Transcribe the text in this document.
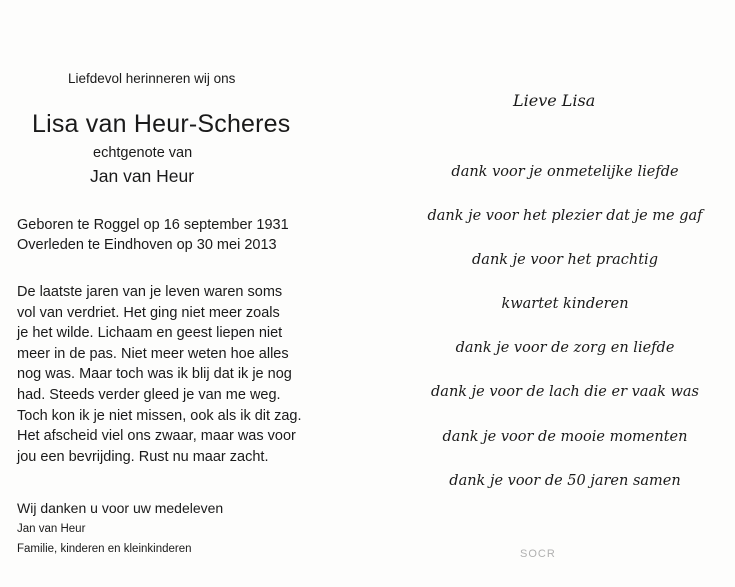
Liefdevol herinneren wij ons
Lisa van Heur-Scheres
echtgenote van
Jan van Heur
Geboren te Roggel op 16 september 1931
Overleden te Eindhoven op 30 mei 2013
De laatste jaren van je leven waren soms
vol van verdriet. Het ging niet meer zoals
je het wilde. Lichaam en geest liepen niet
meer in de pas. Niet meer weten hoe alles
nog was. Maar toch was ik blij dat ik je nog
had. Steeds verder gleed je van me weg.
Toch kon ik je niet missen, ook als ik dit zag.
Het afscheid viel ons zwaar, maar was voor
jou een bevrijding. Rust nu maar zacht.
Wij danken u voor uw medeleven
Jan van Heur
Familie, kinderen en kleinkinderen
Lieve Lisa
dank voor je onmetelijke liefde
dank je voor het plezier dat je me gaf
dank je voor het prachtig
kwartet kinderen
dank je voor de zorg en liefde
dank je voor de lach die er vaak was
dank je voor de mooie momenten
dank je voor de 50 jaren samen
SOCR
